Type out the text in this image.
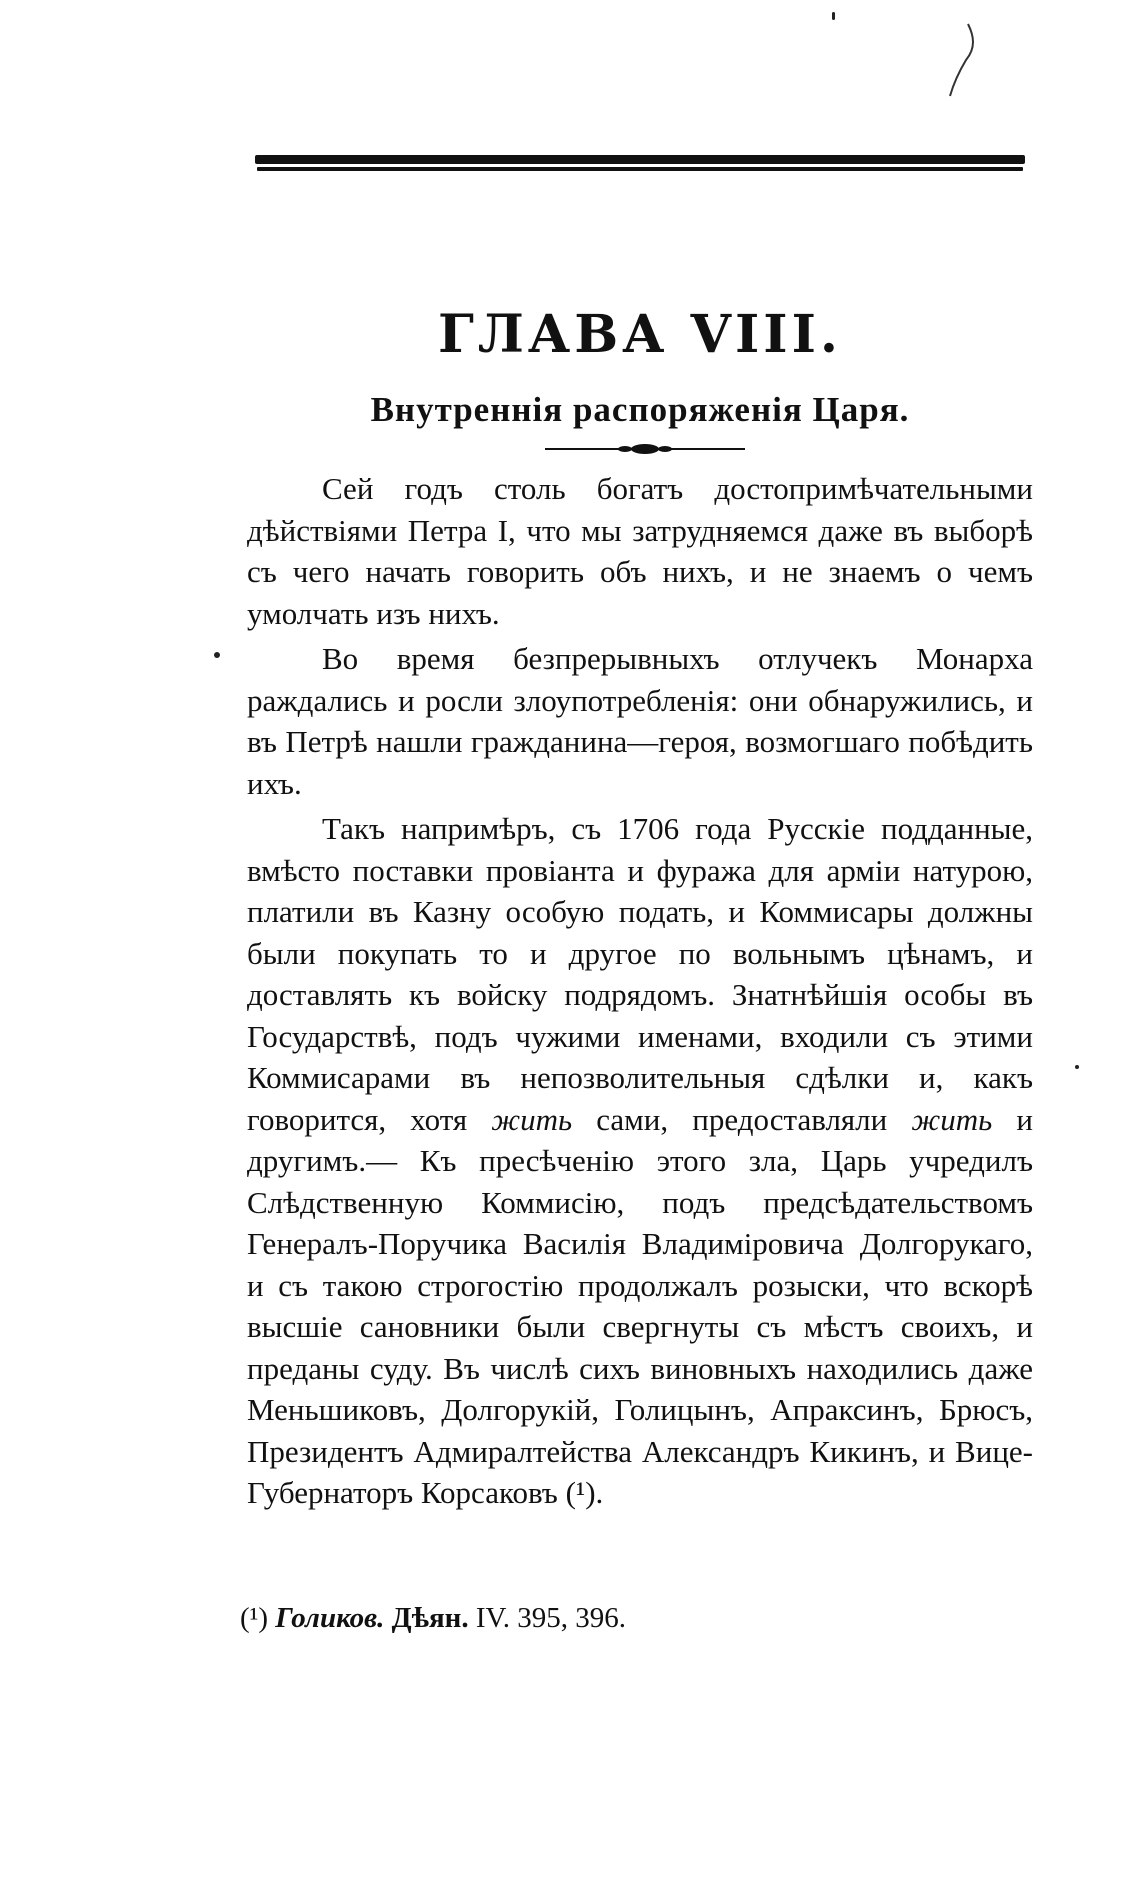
ГЛАВА VIII.
Внутреннія распоряженія Царя.

Сей годъ столь богатъ достопримѣчательными дѣйствіями Петра I, что мы затрудняемся даже въ выборѣ съ чего начать говорить объ нихъ, и не знаемъ о чемъ умолчать изъ нихъ.

Во время безпрерывныхъ отлучекъ Монарха раждались и росли злоупотребленія: они обнаружились, и въ Петрѣ нашли гражданина—героя, возмогшаго побѣдить ихъ.

Такъ напримѣръ, съ 1706 года Русскіе подданные, вмѣсто поставки провіанта и фуража для арміи натурою, платили въ Казну особую подать, и Коммисары должны были покупать то и другое по вольнымъ цѣнамъ, и доставлять къ войску подрядомъ. Знатнѣйшія особы въ Государствѣ, подъ чужими именами, входили съ этими Коммисарами въ непозволительныя сдѣлки и, какъ говорится, хотя жить сами, предоставляли жить и другимъ.— Къ пресѣченію этого зла, Царь учредилъ Слѣдственную Коммисію, подъ предсѣдательствомъ Генералъ-Поручика Василія Владиміровича Долгорукаго, и съ такою строгостію продолжалъ розыски, что вскорѣ высшіе сановники были свергнуты съ мѣстъ своихъ, и преданы суду. Въ числѣ сихъ виновныхъ находились даже Меньшиковъ, Долгорукій, Голицынъ, Апраксинъ, Брюсъ, Президентъ Адмиралтейства Александръ Кикинъ, и Вице-Губернаторъ Корсаковъ (¹).

(¹) Голиков. Дѣян. IV. 395, 396.
